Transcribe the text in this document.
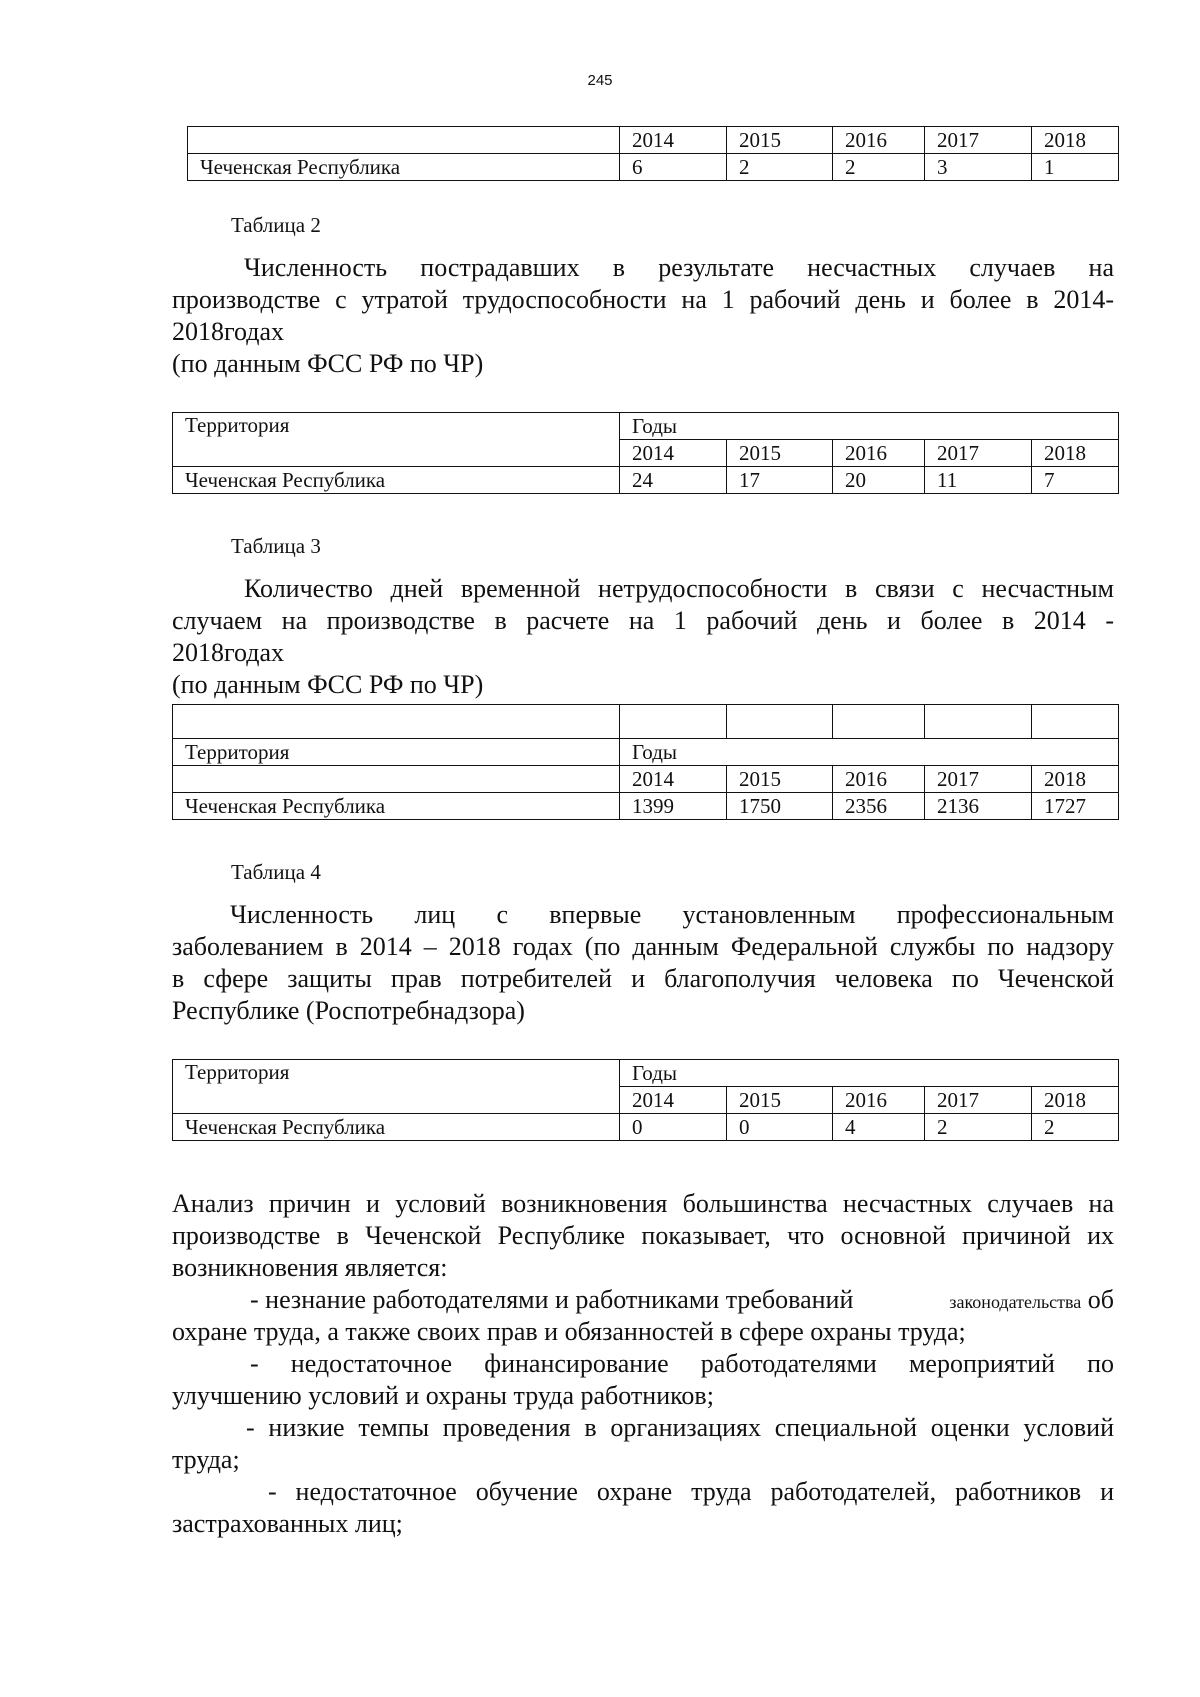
245
	2014	2015	2016	2017	2018
Чеченская Республика	6	2	2	3	1
Таблица 2
Численность пострадавших в результате несчастных случаев на
производстве с утратой трудоспособности на 1 рабочий день и более в 2014-
2018годах
(по данным ФСС РФ по ЧР)
Территория	Годы				
	2014	2015	2016	2017	2018
Чеченская Республика	24	17	20	11	7
Таблица 3
Количество дней временной нетрудоспособности в связи с несчастным
случаем на производстве в расчете на 1 рабочий день и более в 2014 -
2018годах
(по данным ФСС РФ по ЧР)

Территория	Годы				
	2014	2015	2016	2017	2018
Чеченская Республика	1399	1750	2356	2136	1727
Таблица 4
Численность лиц с впервые установленным профессиональным
заболеванием в 2014 – 2018 годах (по данным Федеральной службы по надзору
в сфере защиты прав потребителей и благополучия человека по Чеченской
Республике (Роспотребнадзора)
Территория	Годы				
	2014	2015	2016	2017	2018
Чеченская Республика	0	0	4	2	2
Анализ причин и условий возникновения большинства несчастных случаев на
производстве в Чеченской Республике показывает, что основной причиной их
возникновения является:
- незнание работодателями и работниками требований	законодательства об
охране труда, а также своих прав и обязанностей в сфере охраны труда;
- недостаточное финансирование работодателями мероприятий по
улучшению условий и охраны труда работников;
- низкие темпы проведения в организациях специальной оценки условий
труда;
- недостаточное обучение охране труда работодателей, работников и
застрахованных лиц;
